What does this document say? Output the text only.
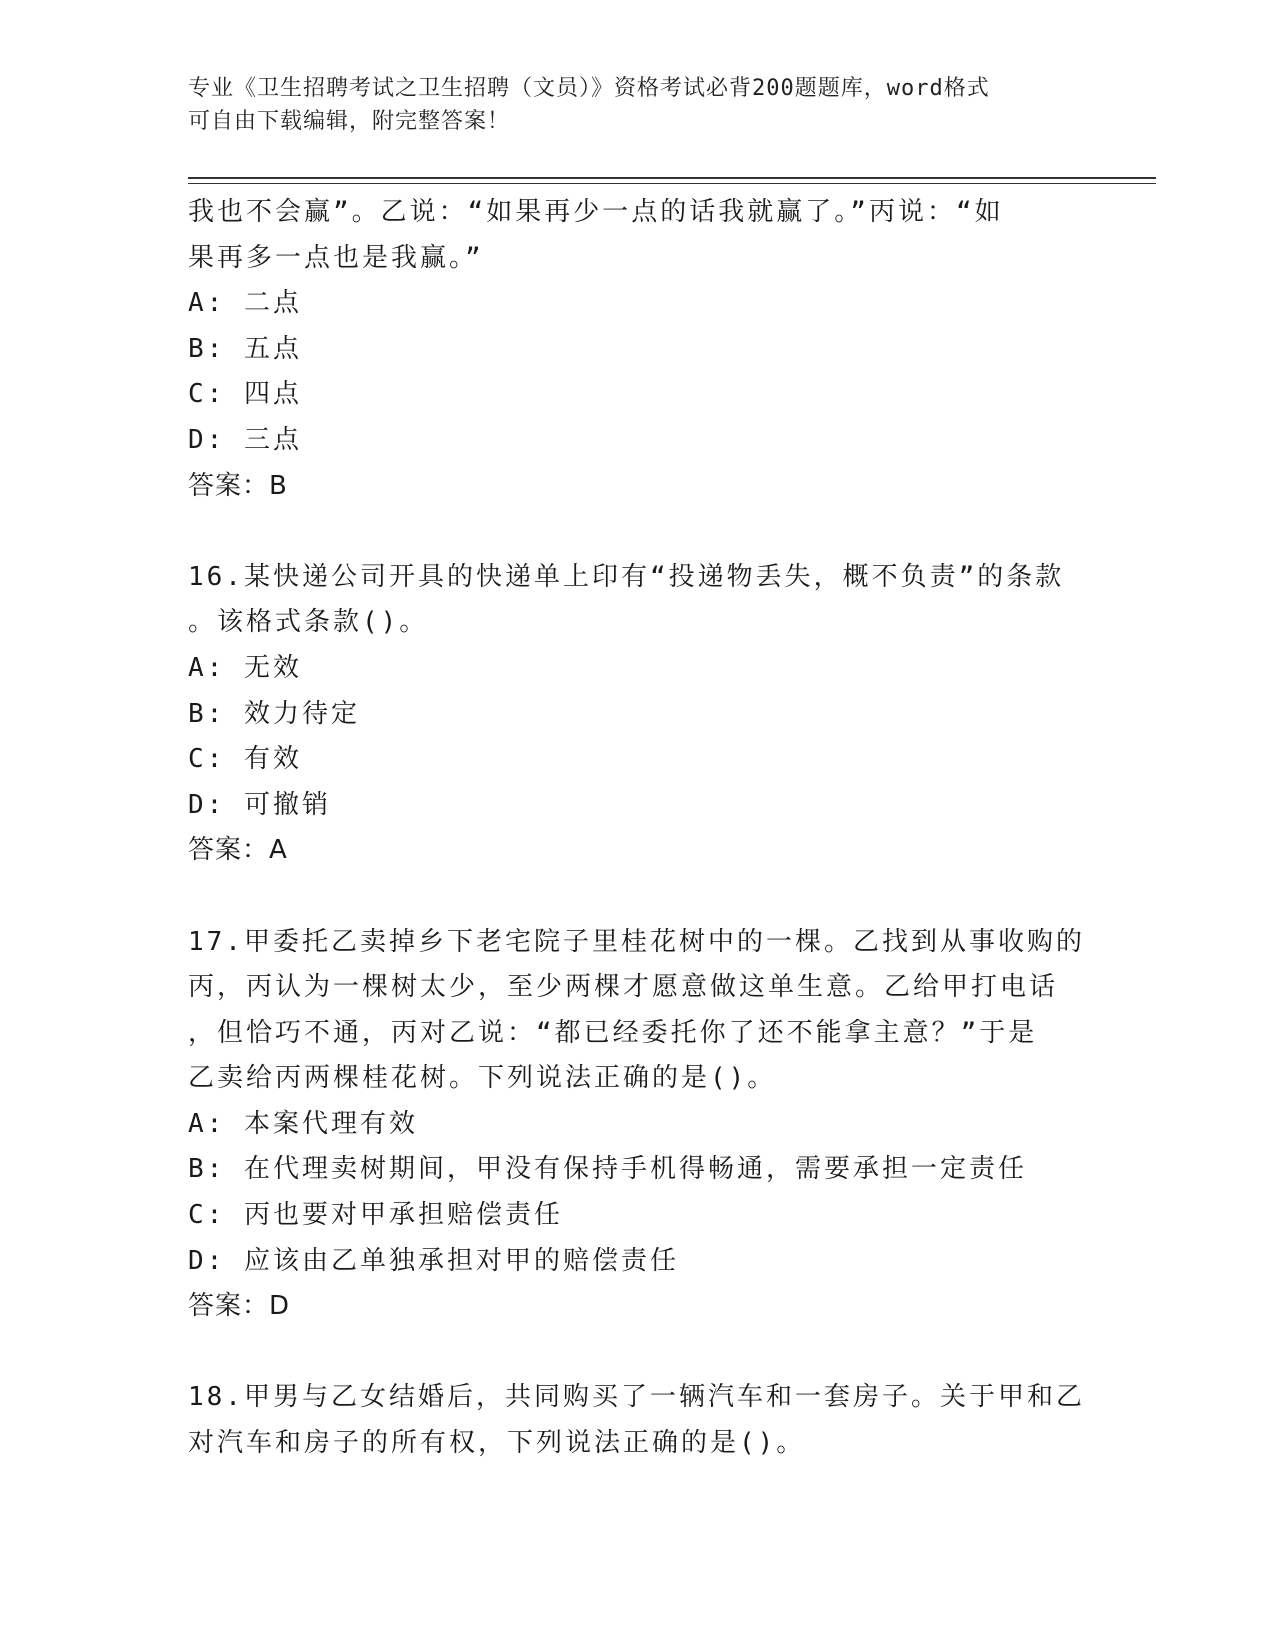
专业《卫生招聘考试之卫生招聘（文员）》资格考试必背200题题库，word格式
可自由下载编辑，附完整答案！
我也不会赢”。乙说：“如果再少一点的话我就赢了。”丙说：“如
果再多一点也是我赢。”
A: 二点
B: 五点
C: 四点
D: 三点
答案：B
16.某快递公司开具的快递单上印有“投递物丢失，概不负责”的条款
。该格式条款()。
A: 无效
B: 效力待定
C: 有效
D: 可撤销
答案：A
17.甲委托乙卖掉乡下老宅院子里桂花树中的一棵。乙找到从事收购的
丙，丙认为一棵树太少，至少两棵才愿意做这单生意。乙给甲打电话
，但恰巧不通，丙对乙说：“都已经委托你了还不能拿主意？”于是
乙卖给丙两棵桂花树。下列说法正确的是()。
A: 本案代理有效
B: 在代理卖树期间，甲没有保持手机得畅通，需要承担一定责任
C: 丙也要对甲承担赔偿责任
D: 应该由乙单独承担对甲的赔偿责任
答案：D
18.甲男与乙女结婚后，共同购买了一辆汽车和一套房子。关于甲和乙
对汽车和房子的所有权，下列说法正确的是()。
